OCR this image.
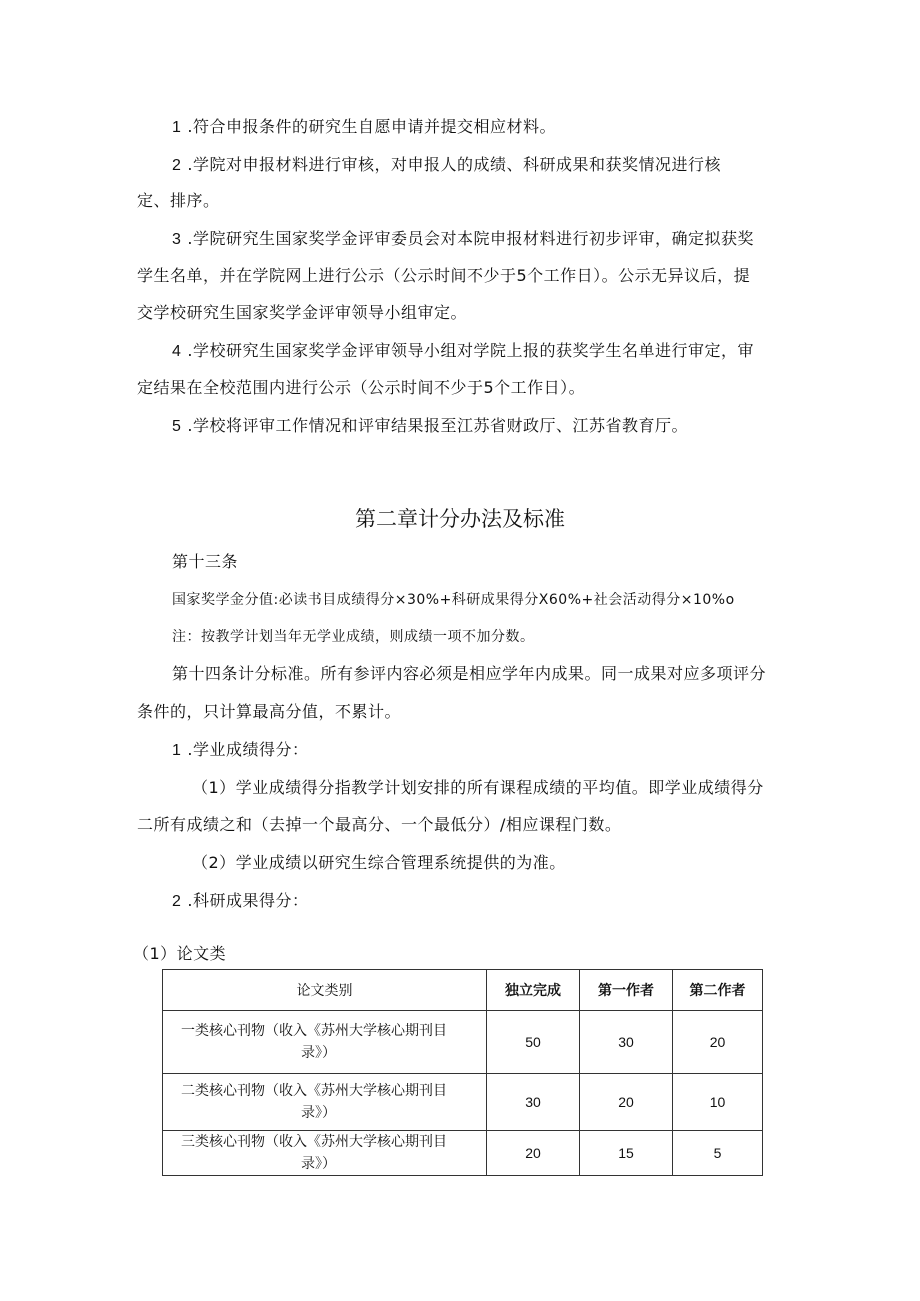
1 .符合申报条件的研究生自愿申请并提交相应材料。
2 .学院对申报材料进行审核，对申报人的成绩、科研成果和获奖情况进行核
定、排序。
3 .学院研究生国家奖学金评审委员会对本院申报材料进行初步评审，确定拟获奖
学生名单，并在学院网上进行公示（公示时间不少于5个工作日）。公示无异议后，提
交学校研究生国家奖学金评审领导小组审定。
4 .学校研究生国家奖学金评审领导小组对学院上报的获奖学生名单进行审定，审
定结果在全校范围内进行公示（公示时间不少于5个工作日）。
5 .学校将评审工作情况和评审结果报至江苏省财政厅、江苏省教育厅。
第二章计分办法及标准
第十三条
国家奖学金分值:必读书目成绩得分×30%+科研成果得分X60%+社会活动得分×10%o
注：按教学计划当年无学业成绩，则成绩一项不加分数。
第十四条计分标准。所有参评内容必须是相应学年内成果。同一成果对应多项评分
条件的，只计算最高分值，不累计。
1 .学业成绩得分：
（1）学业成绩得分指教学计划安排的所有课程成绩的平均值。即学业成绩得分
二所有成绩之和（去掉一个最高分、一个最低分）/相应课程门数。
（2）学业成绩以研究生综合管理系统提供的为准。
2 .科研成果得分：
（1）论文类
论文类别	独立完成	第一作者	第二作者

一类核心刊物（收入《苏州大学核心期刊目
录》）	50	30	20

二类核心刊物（收入《苏州大学核心期刊目
录》）	30	20	10

三类核心刊物（收入《苏州大学核心期刊目
录》）	20	15	5
